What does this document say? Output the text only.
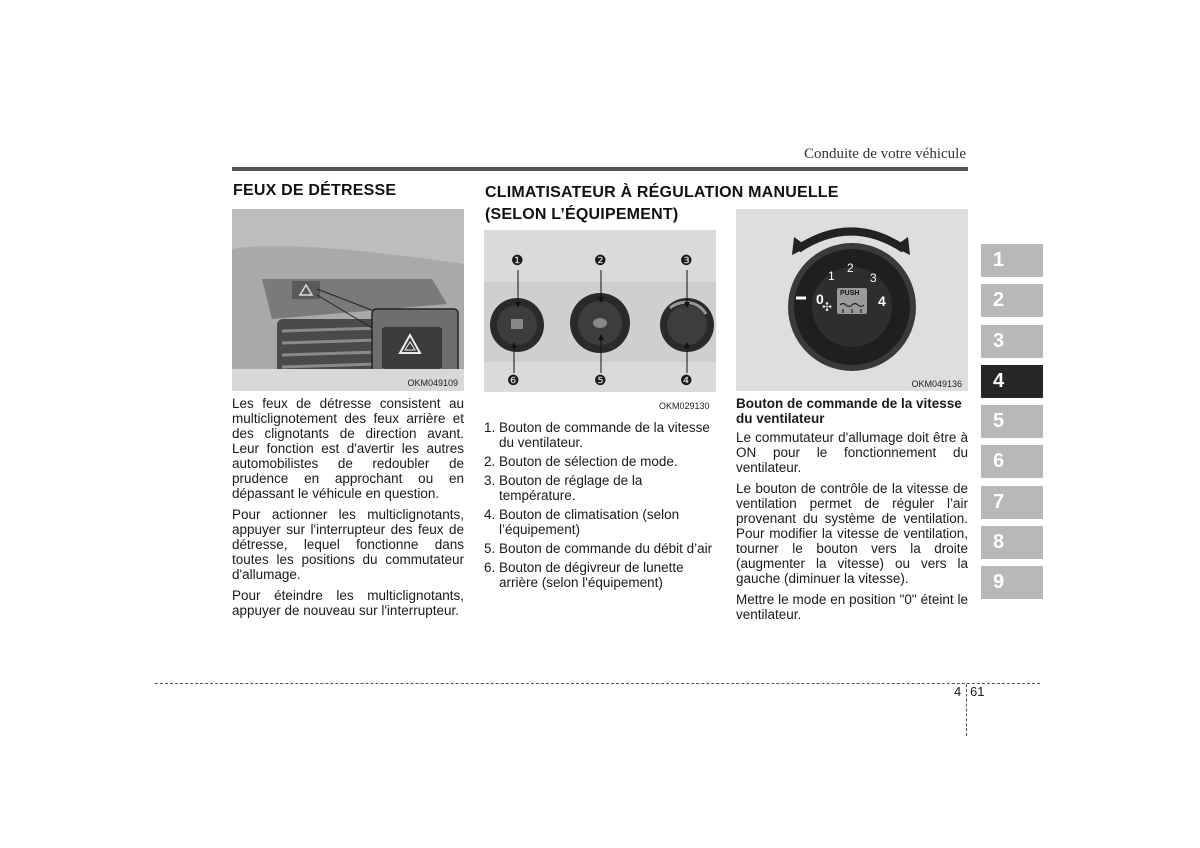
Conduite de votre véhicule
FEUX DE DÉTRESSE
OKM049109

Les feux de détresse consistent au multiclignotement des feux arrière et des clignotants de direction avant. Leur fonction est d'avertir les autres automobilistes de redoubler de prudence en approchant ou en dépassant le véhicule en question.

Pour actionner les multiclignotants, appuyer sur l'interrupteur des feux de détresse, lequel fonctionne dans toutes les positions du commutateur d'allumage.

Pour éteindre les multiclignotants, appuyer de nouveau sur l'interrupteur.

CLIMATISATEUR À RÉGULATION MANUELLE
(SELON L’ÉQUIPEMENT)
❶	❷	❸
❻	❺	❹
OKM029130
1. Bouton de commande de la vitesse du ventilateur.
2. Bouton de sélection de mode.
3. Bouton de réglage de la température.
4. Bouton de climatisation (selon l’équipement)
5. Bouton de commande du débit d’air
6. Bouton de dégivreur de lunette arrière (selon l'équipement)
✣
0
1
2
3
4
PUSH
OKM049136
Bouton de commande de la vitesse du ventilateur

Le commutateur d'allumage doit être à ON pour le fonctionnement du ventilateur.

Le bouton de contrôle de la vitesse de ventilation permet de réguler l’air provenant du système de ventilation. Pour modifier la vitesse de ventilation, tourner le bouton vers la droite (augmenter la vitesse) ou vers la gauche (diminuer la vitesse).

Mettre le mode en position "0" éteint le ventilateur.

1
2
3
4
5
6
7
8
9
4 61
